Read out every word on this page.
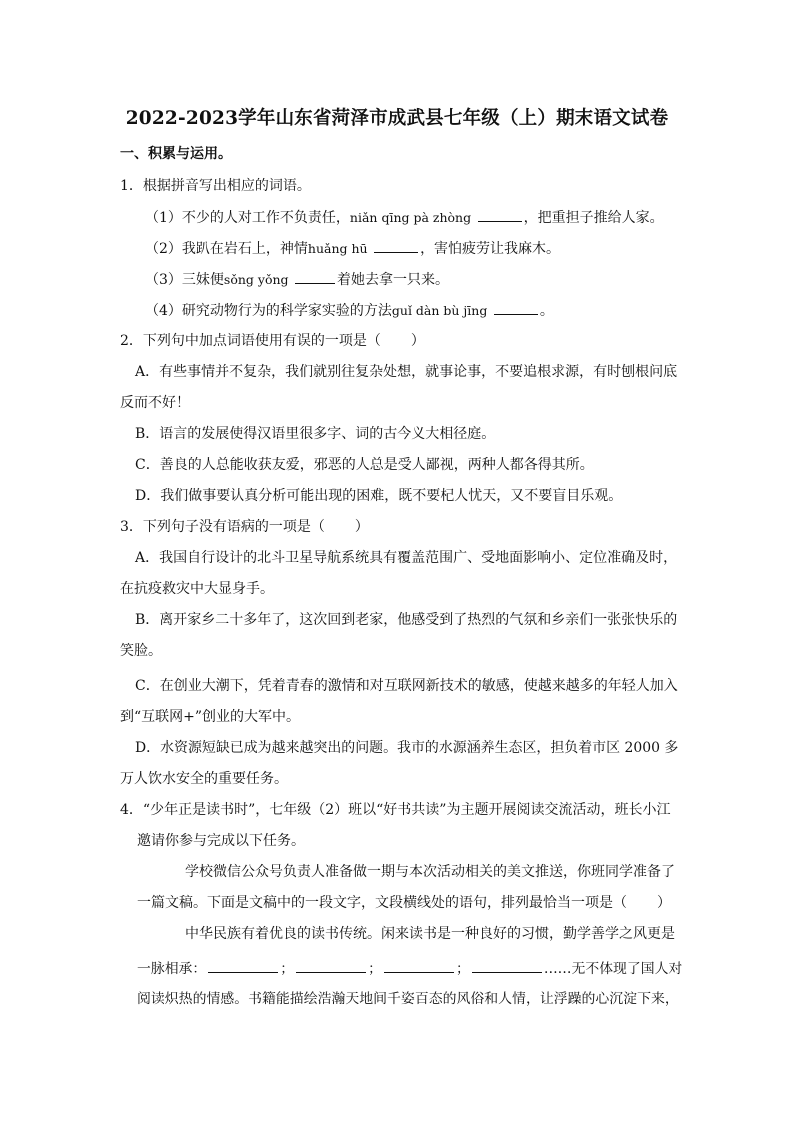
2022-2023学年山东省菏泽市成武县七年级（上）期末语文试卷
一、积累与运用。
1．根据拼音写出相应的词语。
（1）不少的人对工作不负责任，niǎn qīng pà zhòng	，把重担子推给人家。
（2）我趴在岩石上，神情huǎng hū	，害怕疲劳让我麻木。
（3）三妹便sǒng yǒng	着她去拿一只来。
（4）研究动物行为的科学家实验的方法guǐ dàn bù jīng	。
2．下列句中加点词语使用有误的一项是（ ）
A．有些事情并不复杂，我们就别往复杂处想，就事论事，不要追根求源，有时刨根问底
反而不好！
B．语言的发展使得汉语里很多字、词的古今义大相径庭。
C．善良的人总能收获友爱，邪恶的人总是受人鄙视，两种人都各得其所。
D．我们做事要认真分析可能出现的困难，既不要杞人忧天，又不要盲目乐观。
3．下列句子没有语病的一项是（ ）
A．我国自行设计的北斗卫星导航系统具有覆盖范围广、受地面影响小、定位准确及时，
在抗疫救灾中大显身手。
B．离开家乡二十多年了，这次回到老家，他感受到了热烈的气氛和乡亲们一张张快乐的
笑脸。
C．在创业大潮下，凭着青春的激情和对互联网新技术的敏感，使越来越多的年轻人加入
到“互联网+”创业的大军中。
D．水资源短缺已成为越来越突出的问题。我市的水源涵养生态区，担负着市区 2000 多
万人饮水安全的重要任务。
4．“少年正是读书时”，七年级（2）班以“好书共读”为主题开展阅读交流活动，班长小江
邀请你参与完成以下任务。
学校微信公众号负责人准备做一期与本次活动相关的美文推送，你班同学准备了
一篇文稿。下面是文稿中的一段文字，文段横线处的语句，排列最恰当一项是（ ）
中华民族有着优良的读书传统。闲来读书是一种良好的习惯，勤学善学之风更是
一脉相承：	；	；	；	……无不体现了国人对
阅读炽热的情感。书籍能描绘浩瀚天地间千姿百态的风俗和人情，让浮躁的心沉淀下来，
